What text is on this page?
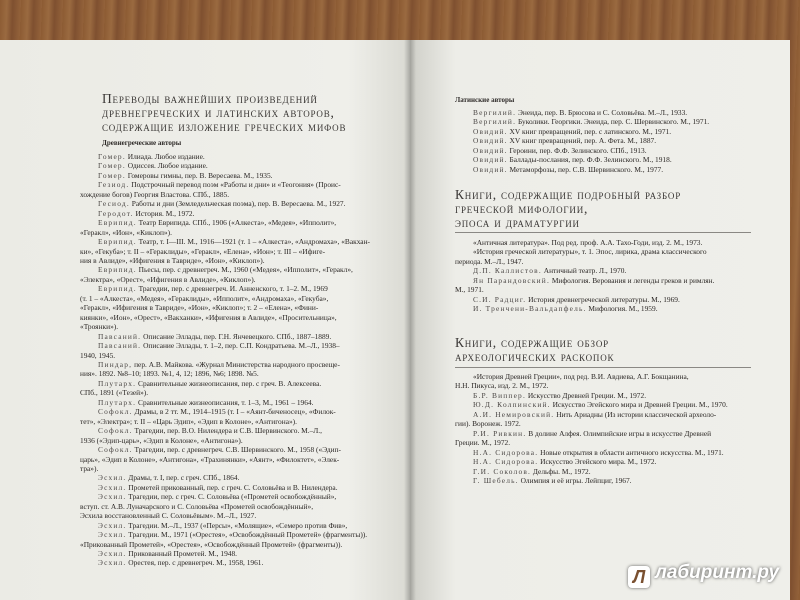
Переводы важнейших произведений
древнегреческих и латинских авторов,
содержащие изложение греческих мифов
Древнегреческие авторы
Гомер. Илиада. Любое издание.
Гомер. Одиссея. Любое издание.
Гомер. Гомеровы гимны, пер. В. Вересаева. М., 1935.
Гезиод. Подстрочный перевод поэм «Работы и дни» и «Теогония» (Проис-
хождение богов) Георгия Властова. СПб., 1885.
Гесиод. Работы и дни (Земледельческая поэма), пер. В. Вересаева. М., 1927.
Геродот. История. М., 1972.
Еврипид. Театр Еврипида. СПб., 1906 («Алкеста», «Медея», «Ипполит»,
«Геракл», «Ион», «Киклоп»).
Еврипид. Театр, т. I—III. М., 1916—1921 (т. 1 – «Алкеста», «Андромаха», «Вакхан-
ки», «Гекуба»; т. II – «Гераклиды», «Геракл», «Елена», «Ион»; т. III – «Ифиге-
ния в Авлиде», «Ифигения в Тавриде», «Ион», «Киклоп»).
Еврипид. Пьесы, пер. с древнегреч. М., 1960 («Медея», «Ипполит», «Геракл»,
«Электра», «Орест», «Ифигения в Авлиде», «Киклоп»).
Еврипид. Трагедии, пер. с древнегреч. И. Анненского, т. 1–2. М., 1969
(т. 1 – «Алкеста», «Медея», «Гераклиды», «Ипполит», «Андромаха», «Гекуба»,
«Геракл», «Ифигения в Тавриде», «Ион», «Киклоп»; т. 2 – «Елена», «Фини-
киянки», «Ион», «Орест», «Вакханки», «Ифигения в Авлиде», «Просительница»,
«Троянки»).
Павсаний. Описание Эллады, пер. Г.Н. Янчевецкого. СПб., 1887–1889.
Павсаний. Описание Эллады, т. 1–2, пер. С.П. Кондратьева. М.–Л., 1938–
1940, 1945.
Пиндар, пер. А.В. Майкова. «Журнал Министерства народного просвеще-
ния». 1892. №8–10; 1893. №1, 4, 12; 1896, №6; 1898. №5.
Плутарх. Сравнительные жизнеописания, пер. с греч. В. Алексеева.
СПб., 1891 («Тезей»).
Плутарх. Сравнительные жизнеописания, т. 1–3, М., 1961 – 1964.
Софокл. Драмы, в 2 тт. М., 1914–1915 (т. I – «Аянт-биченосец», «Филок-
тет», «Электра»; т. II – «Царь Эдип», «Эдип в Колоне», «Антигона»).
Софокл. Трагедии, пер. В.О. Нилендера и С.В. Шервинского. М.–Л.,
1936 («Эдип-царь», «Эдип в Колоне», «Антигона»).
Софокл. Трагедии, пер. с древнегреч. С.В. Шервинского. М., 1958 («Эдип-
царь», «Эдип в Колоне», «Антигона», «Трахинянки», «Аянт», «Филоктет», «Элек-
тра»).
Эсхил. Драмы, т. I, пер. с греч. СПб., 1864.
Эсхил. Прометей прикованный, пер. с греч. С. Соловьёва и В. Нилендера.
Эсхил. Трагедии, пер. с греч. С. Соловьёва («Прометей освобождённый»,
вступ. ст. А.В. Луначарского и С. Соловьёва «Прометей освобождённый»,
Эсхила восстановленный С. Соловьёвым». М.–Л., 1927.
Эсхил. Трагедии. М.–Л., 1937 («Персы», «Молящие», «Семеро против Фив»,
Эсхил. Трагедии. М., 1971 («Орестея», «Освобождённый Прометей» (фрагменты)).
«Прикованный Прометей», «Орестея», «Освобождённый Прометей» (фрагменты)).
Эсхил. Прикованный Прометей. М., 1948.
Эсхил. Орестея, пер. с древнегреч. М., 1958, 1961.
Латинские авторы
Вергилий. Энеида, пер. В. Брюсова и С. Соловьёва. М.–Л., 1933.
Вергилий. Буколики. Георгики. Энеида, пер. С. Шервинского. М., 1971.
Овидий. XV книг превращений, пер. с латинского. М., 1971.
Овидий. XV книг превращений, пер. А. Фета. М., 1887.
Овидий. Героини, пер. Ф.Ф. Зелинского. СПб., 1913.
Овидий. Баллады-послания, пер. Ф.Ф. Зелинского. М., 1918.
Овидий. Метаморфозы, пер. С.В. Шервинского. М., 1977.
Книги, содержащие подробный разбор
греческой мифологии,
эпоса и драматургии
«Античная литература». Под ред. проф. А.А. Тахо-Годи, изд. 2. М., 1973.
«История греческой литературы», т. 1. Эпос, лирика, драма классического
периода. М.–Л., 1947.
Д.П. Каллистов. Античный театр. Л., 1970.
Ян Парандовский. Мифология. Верования и легенды греков и римлян.
М., 1971.
С.И. Радциг. История древнегреческой литературы. М., 1969.
И. Тренчени-Вальдапфель. Мифология. М., 1959.
Книги, содержащие обзор
археологических раскопок
«История Древней Греции», под ред. В.И. Авдиева, А.Г. Бокщанина,
Н.Н. Пикуса, изд. 2. М., 1972.
Б.Р. Виппер. Искусство Древней Греции. М., 1972.
Ю.Д. Колпинский. Искусство Эгейского мира и Древней Греции. М., 1970.
А.И. Немировский. Нить Ариадны (Из истории классической археоло-
гии). Воронеж. 1972.
Р.И. Ривкин. В долине Алфея. Олимпийские игры в искусстве Древней
Греции. М., 1972.
Н.А. Сидорова. Новые открытия в области античного искусства. М., 1971.
Н.А. Сидорова. Искусство Эгейского мира. М., 1972.
Г.И. Соколов. Дельфы. М., 1972.
Г. Шебель. Олимпия и её игры. Лейпциг, 1967.
Л лабиринт.ру
